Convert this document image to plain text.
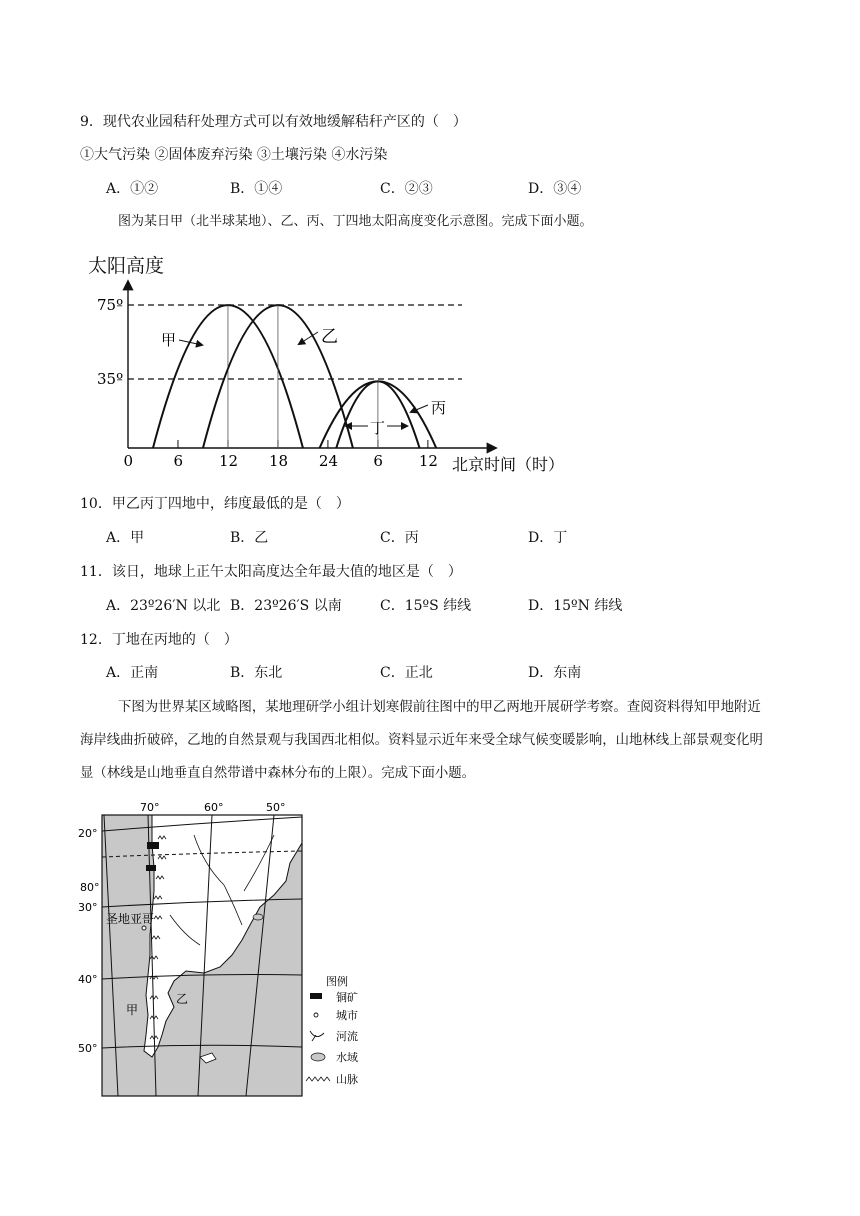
9．现代农业园秸秆处理方式可以有效地缓解秸秆产区的（　）
①大气污染 ②固体废弃污染 ③土壤污染 ④水污染
A．①②	B．①④	C．②③	D．③④
图为某日甲（北半球某地）、乙、丙、丁四地太阳高度变化示意图。完成下面小题。
太阳高度
75º
35º
0	6 12 18 24 6 12
甲	乙
丙
丁
北京时间（时）
10．甲乙丙丁四地中，纬度最低的是（　）
A．甲	B．乙	C．丙	D．丁
11．该日，地球上正午太阳高度达全年最大值的地区是（　）
A．23º26′N 以北 B．23º26′S 以南	C．15ºS 纬线	D．15ºN 纬线
12．丁地在丙地的（　）
A．正南	B．东北	C．正北	D．东南
下图为世界某区域略图，某地理研学小组计划寒假前往图中的甲乙两地开展研学考察。查阅资料得知甲地附近海岸线曲折破碎，乙地的自然景观与我国西北相似。资料显示近年来受全球气候变暖影响，山地林线上部景观变化明显（林线是山地垂直自然带谱中森林分布的上限）。完成下面小题。
70°	60°	50°
20°
80°
30°
40°
50°
圣地亚哥
甲
乙
图例
铜矿
城市
河流
水域
山脉
